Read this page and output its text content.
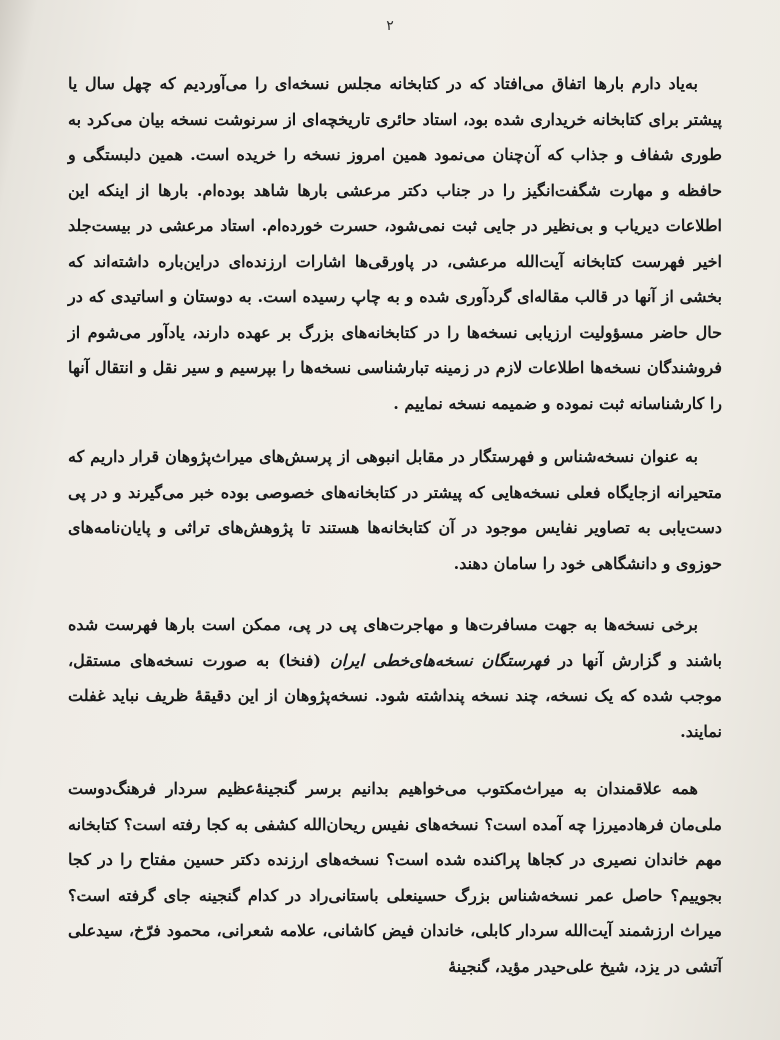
۲

به‌یاد دارم بارها اتفاق می‌افتاد که در کتابخانه مجلس نسخه‌ای را می‌آوردیم که چهل سال یا پیشتر برای کتابخانه خریداری شده بود، استاد حائری تاریخچه‌ای از سرنوشت نسخه بیان می‌کرد به طوری شفاف و جذاب که آن‌چنان می‌نمود همین امروز نسخه را خریده است. همین دلبستگی و حافظه و مهارت شگفت‌انگیز را در جناب دکتر مرعشی بارها شاهد بوده‌ام. بارها از اینکه این اطلاعات دیریاب و بی‌نظیر در جایی ثبت نمی‌شود، حسرت خورده‌ام. استاد مرعشی در بیست‌جلد اخیر فهرست کتابخانه آیت‌الله مرعشی، در پاورقی‌ها اشارات ارزنده‌ای دراین‌باره داشته‌اند که بخشی از آنها در قالب مقاله‌ای گردآوری شده و به چاپ رسیده است. به دوستان و اساتیدی که در حال حاضر مسؤولیت ارزیابی نسخه‌ها را در کتابخانه‌های بزرگ بر عهده دارند، یادآور می‌شوم از فروشندگان نسخه‌ها اطلاعات لازم در زمینه تبارشناسی نسخه‌ها را بپرسیم و سیر نقل و انتقال آنها را کارشناسانه ثبت نموده و ضمیمه نسخه نماییم .

به عنوان نسخه‌شناس و فهرستگار در مقابل انبوهی از پرسش‌های میراث‌پژوهان قرار داریم که متحیرانه ازجایگاه فعلی نسخه‌هایی که پیشتر در کتابخانه‌های خصوصی بوده خبر می‌گیرند و در پی دست‌یابی به تصاویر نفایس موجود در آن کتابخانه‌ها هستند تا پژوهش‌های تراثی و پایان‌نامه‌های حوزوی و دانشگاهی خود را سامان دهند.

برخی نسخه‌ها به جهت مسافرت‌ها و مهاجرت‌های پی در پی، ممکن است بارها فهرست شده باشند و گزارش آنها در فهرستگان نسخه‌های‌خطی ایران (فنخا) به صورت نسخه‌های مستقل، موجب شده که یک نسخه، چند نسخه پنداشته شود. نسخه‌پژوهان از این دقیقهٔ ظریف نباید غفلت نمایند.

همه علاقمندان به میراث‌مکتوب می‌خواهیم بدانیم برسر گنجینهٔ‌عظیم سردار فرهنگ‌دوست ملی‌مان فرهادمیرزا چه آمده است؟ نسخه‌های نفیس ریحان‌الله کشفی به کجا رفته است؟ کتابخانه مهم خاندان نصیری در کجاها پراکنده شده است؟ نسخه‌های ارزنده دکتر حسین مفتاح را در کجا بجوییم؟ حاصل عمر نسخه‌شناس بزرگ حسینعلی باستانی‌راد در کدام گنجینه جای گرفته است؟ میراث ارزشمند آیت‌الله سردار کابلی، خاندان فیض کاشانی، علامه شعرانی، محمود فرّخ، سیدعلی آتشی در یزد، شیخ علی‌حیدر مؤید، گنجینهٔ
